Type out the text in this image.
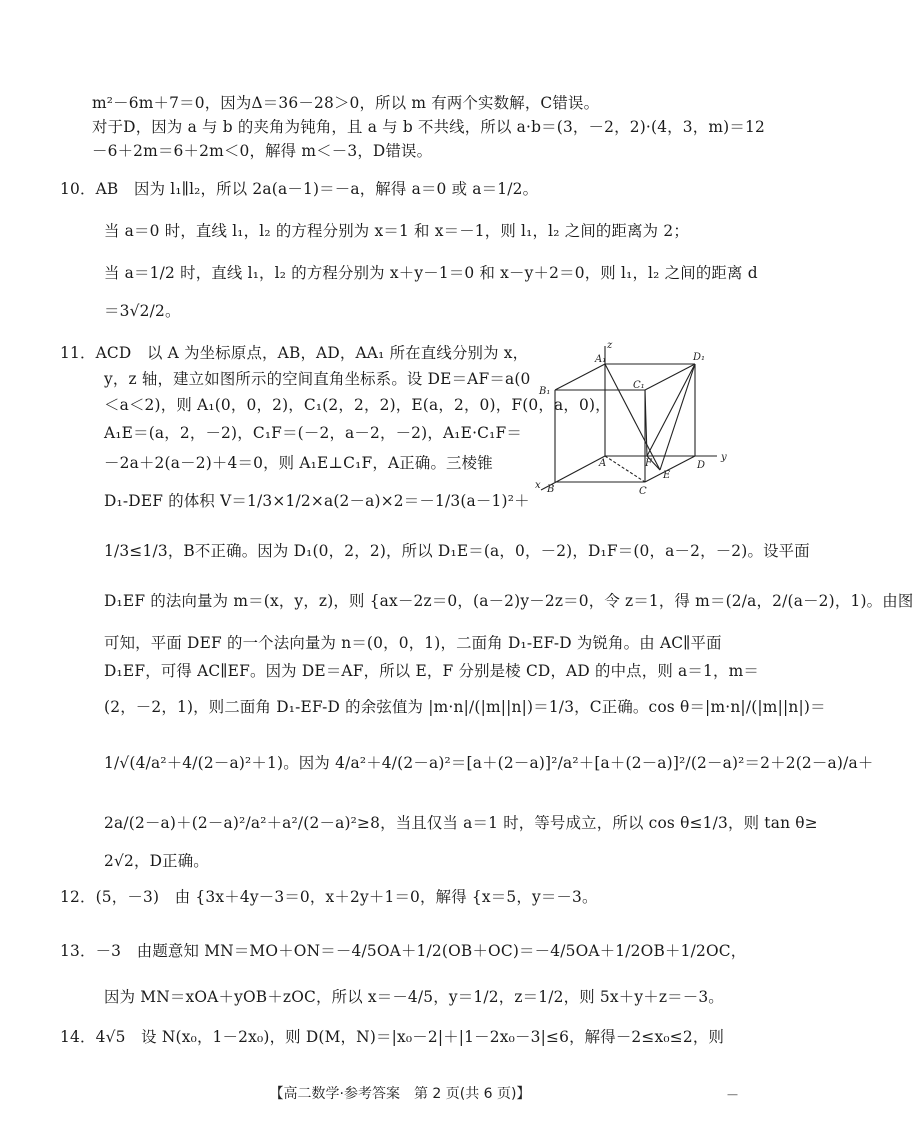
m²－6m＋7＝0，因为Δ＝36－28＞0，所以 m 有两个实数解，C错误。
对于D，因为 a 与 b 的夹角为钝角，且 a 与 b 不共线，所以 a·b＝(3，－2，2)·(4，3，m)＝12
－6＋2m＝6＋2m＜0，解得 m＜－3，D错误。
10．AB　因为 l₁∥l₂，所以 2a(a－1)＝－a，解得 a＝0 或 a＝1/2。
当 a＝0 时，直线 l₁，l₂ 的方程分别为 x＝1 和 x＝－1，则 l₁，l₂ 之间的距离为 2；
当 a＝1/2 时，直线 l₁，l₂ 的方程分别为 x＋y－1＝0 和 x－y＋2＝0，则 l₁，l₂ 之间的距离 d
＝3√2/2。
11．ACD　以 A 为坐标原点，AB，AD，AA₁ 所在直线分别为 x，
y，z 轴，建立如图所示的空间直角坐标系。设 DE＝AF＝a(0
＜a＜2)，则 A₁(0，0，2)，C₁(2，2，2)，E(a，2，0)，F(0，a，0)，
A₁E＝(a，2，－2)，C₁F＝(－2，a－2，－2)，A₁E·C₁F＝
－2a＋2(a－2)＋4＝0，则 A₁E⊥C₁F，A正确。三棱锥
D₁-DEF 的体积 V＝1/3×1/2×a(2－a)×2＝－1/3(a－1)²＋
1/3≤1/3，B不正确。因为 D₁(0，2，2)，所以 D₁E＝(a，0，－2)，D₁F＝(0，a－2，－2)。设平面
D₁EF 的法向量为 m＝(x，y，z)，则 {ax－2z＝0，(a－2)y－2z＝0，令 z＝1，得 m＝(2/a，2/(a－2)，1)。由图
可知，平面 DEF 的一个法向量为 n＝(0，0，1)，二面角 D₁-EF-D 为锐角。由 AC∥平面
D₁EF，可得 AC∥EF。因为 DE＝AF，所以 E，F 分别是棱 CD，AD 的中点，则 a＝1，m＝
(2，－2，1)，则二面角 D₁-EF-D 的余弦值为 |m·n|/(|m||n|)＝1/3，C正确。cos θ＝|m·n|/(|m||n|)＝
1/√(4/a²＋4/(2－a)²＋1)。因为 4/a²＋4/(2－a)²＝[a＋(2－a)]²/a²＋[a＋(2－a)]²/(2－a)²＝2＋2(2－a)/a＋
2a/(2－a)＋(2－a)²/a²＋a²/(2－a)²≥8，当且仅当 a＝1 时，等号成立，所以 cos θ≤1/3，则 tan θ≥
2√2，D正确。
12．(5，－3)　由 {3x＋4y－3＝0，x＋2y＋1＝0，解得 {x＝5，y＝－3。
13．－3　由题意知 MN＝MO＋ON＝－4/5OA＋1/2(OB＋OC)＝－4/5OA＋1/2OB＋1/2OC，
因为 MN＝xOA＋yOB＋zOC，所以 x＝－4/5，y＝1/2，z＝1/2，则 5x＋y＋z＝－3。
14．4√5　设 N(x₀，1－2x₀)，则 D(M，N)＝|x₀－2|＋|1－2x₀－3|≤6，解得－2≤x₀≤2，则
z
A₁	D₁
B₁
C₁
A	F	D
y
E
B	C
x
【高二数学·参考答案　第 2 页(共 6 页)】	—
